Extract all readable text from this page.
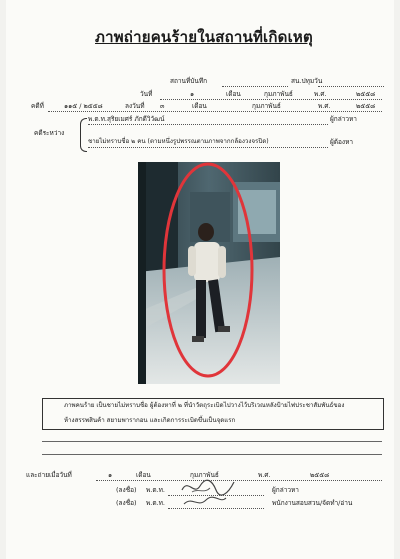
ภาพถ่ายคนร้ายในสถานที่เกิดเหตุ
สถานที่บันทึก	สน.ปทุมวัน
วันที่	๑	เดือน	กุมภาพันธ์	พ.ศ.	๒๕๕๘
คดีที่	๑๑๕ / ๒๕๕๘	ลงวันที่ ๓	เดือน	กุมภาพันธ์	พ.ศ.	๒๕๕๘
คดีระหว่าง
พ.ต.ท.สุริยเมศร์ ภักดีวิวัฒน์	ผู้กล่าวหา
ชายไม่ทราบชื่อ ๒ คน (ตามหนึ่งรูปพรรณตามภาพจากกล้องวงจรปิด)	ผู้ต้องหา
ภาพคนร้าย เป็นชายไม่ทราบชื่อ ผู้ต้องหาที่ ๒ ที่นำวัตถุระเบิดไปวางไว้บริเวณหลังป้ายไฟประชาสัมพันธ์ของ
ห้างสรรพสินค้า สยามพารากอน และเกิดการระเบิดขึ้นเป็นจุดแรก
และถ่ายเมื่อวันที่	๑	เดือน	กุมภาพันธ์	พ.ศ.	๒๕๕๘
(ลงชื่อ) พ.ต.ท.	ผู้กล่าวหา
(ลงชื่อ) พ.ต.ท.	พนักงานสอบสวน/จัดทำ/อ่าน
